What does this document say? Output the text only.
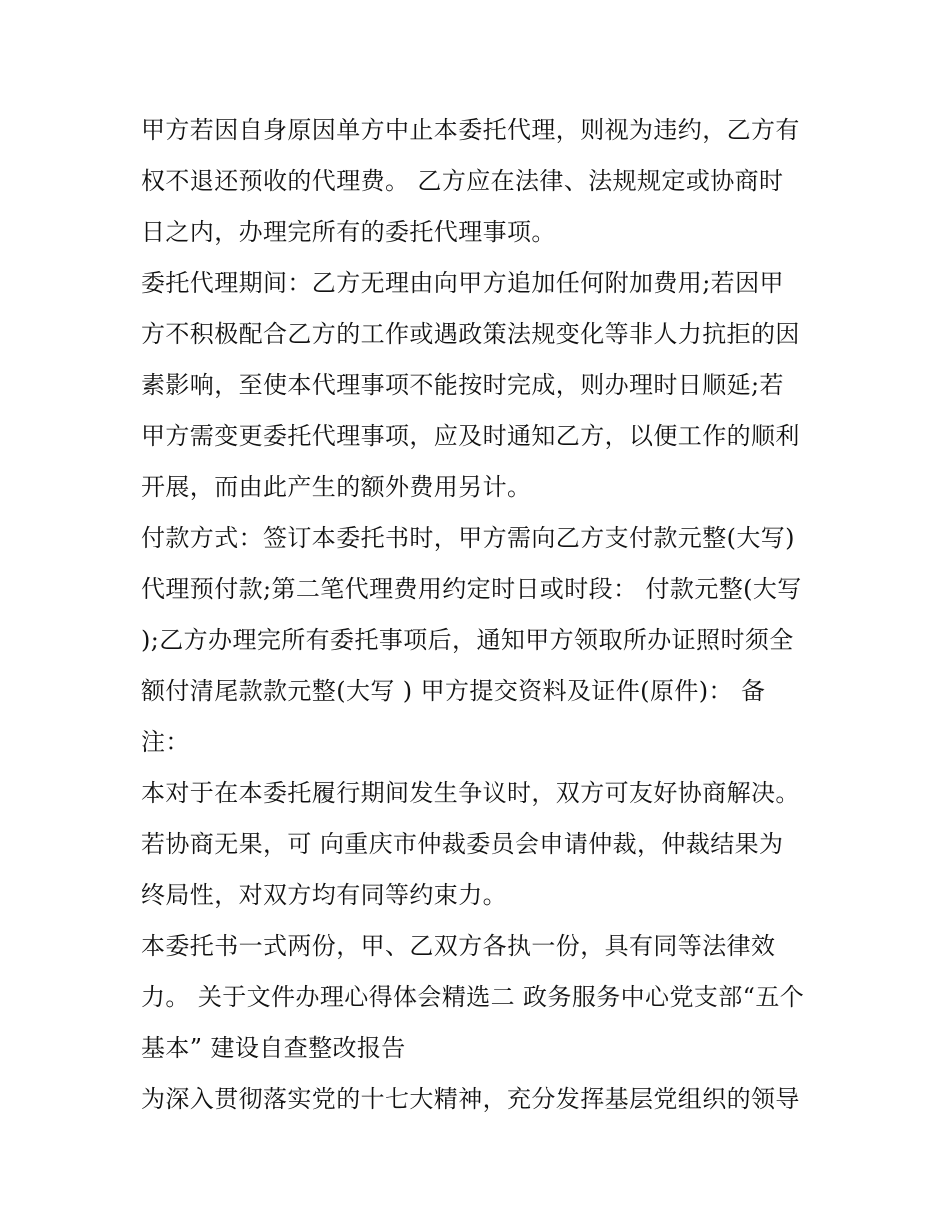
甲方若因自身原因单方中止本委托代理，则视为违约，乙方有
权不退还预收的代理费。 乙方应在法律、法规规定或协商时
日之内，办理完所有的委托代理事项。
委托代理期间：乙方无理由向甲方追加任何附加费用;若因甲
方不积极配合乙方的工作或遇政策法规变化等非人力抗拒的因
素影响，至使本代理事项不能按时完成，则办理时日顺延;若
甲方需变更委托代理事项，应及时通知乙方，以便工作的顺利
开展，而由此产生的额外费用另计。
付款方式：签订本委托书时，甲方需向乙方支付款元整(大写)
代理预付款;第二笔代理费用约定时日或时段： 付款元整(大写
);乙方办理完所有委托事项后，通知甲方领取所办证照时须全
额付清尾款款元整(大写 ) 甲方提交资料及证件(原件)： 备
注：
本对于在本委托履行期间发生争议时，双方可友好协商解决。
若协商无果，可 向重庆市仲裁委员会申请仲裁，仲裁结果为
终局性，对双方均有同等约束力。
本委托书一式两份，甲、乙双方各执一份，具有同等法律效
力。 关于文件办理心得体会精选二 政务服务中心党支部“五个
基本” 建设自查整改报告
为深入贯彻落实党的十七大精神，充分发挥基层党组织的领导
